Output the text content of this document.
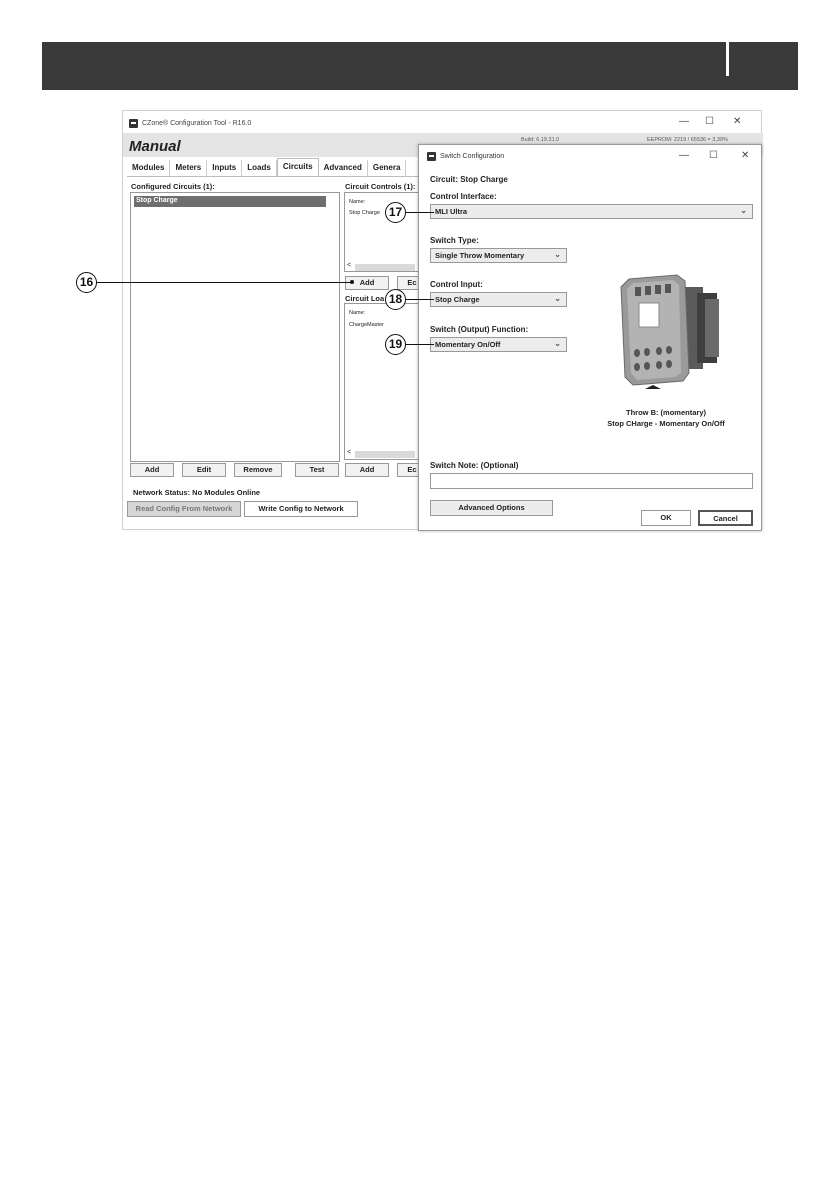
CZone® Configuration Tool - R16.0	— ☐ ✕
Manual	Build: 6.19.31.0	EEPROM: 2219 / 65536 = 3,39%
Modules	Meters	Inputs	Loads	Circuits	Advanced	Genera
Configured Circuits (1):
Stop Charge
Circuit Controls (1):
Name:
Stop Charge
<
Add	Ec
Circuit Loa
Name:
ChargeMaster
<
Add	Edit	Remove	Test	Add	Ec
Network Status: No Modules Online
Read Config From Network	Write Config to Network
Switch Configuration	— ☐ ✕
Circuit: Stop Charge
Control Interface:
MLI Ultra	⌄
Switch Type:
Single Throw Momentary	⌄
Control Input:
Stop Charge	⌄
Switch (Output) Function:
Momentary On/Off	⌄
Throw B: (momentary)
Stop CHarge - Momentary On/Off
Switch Note: (Optional)
Advanced Options
OK	Cancel
16
17
18
19
